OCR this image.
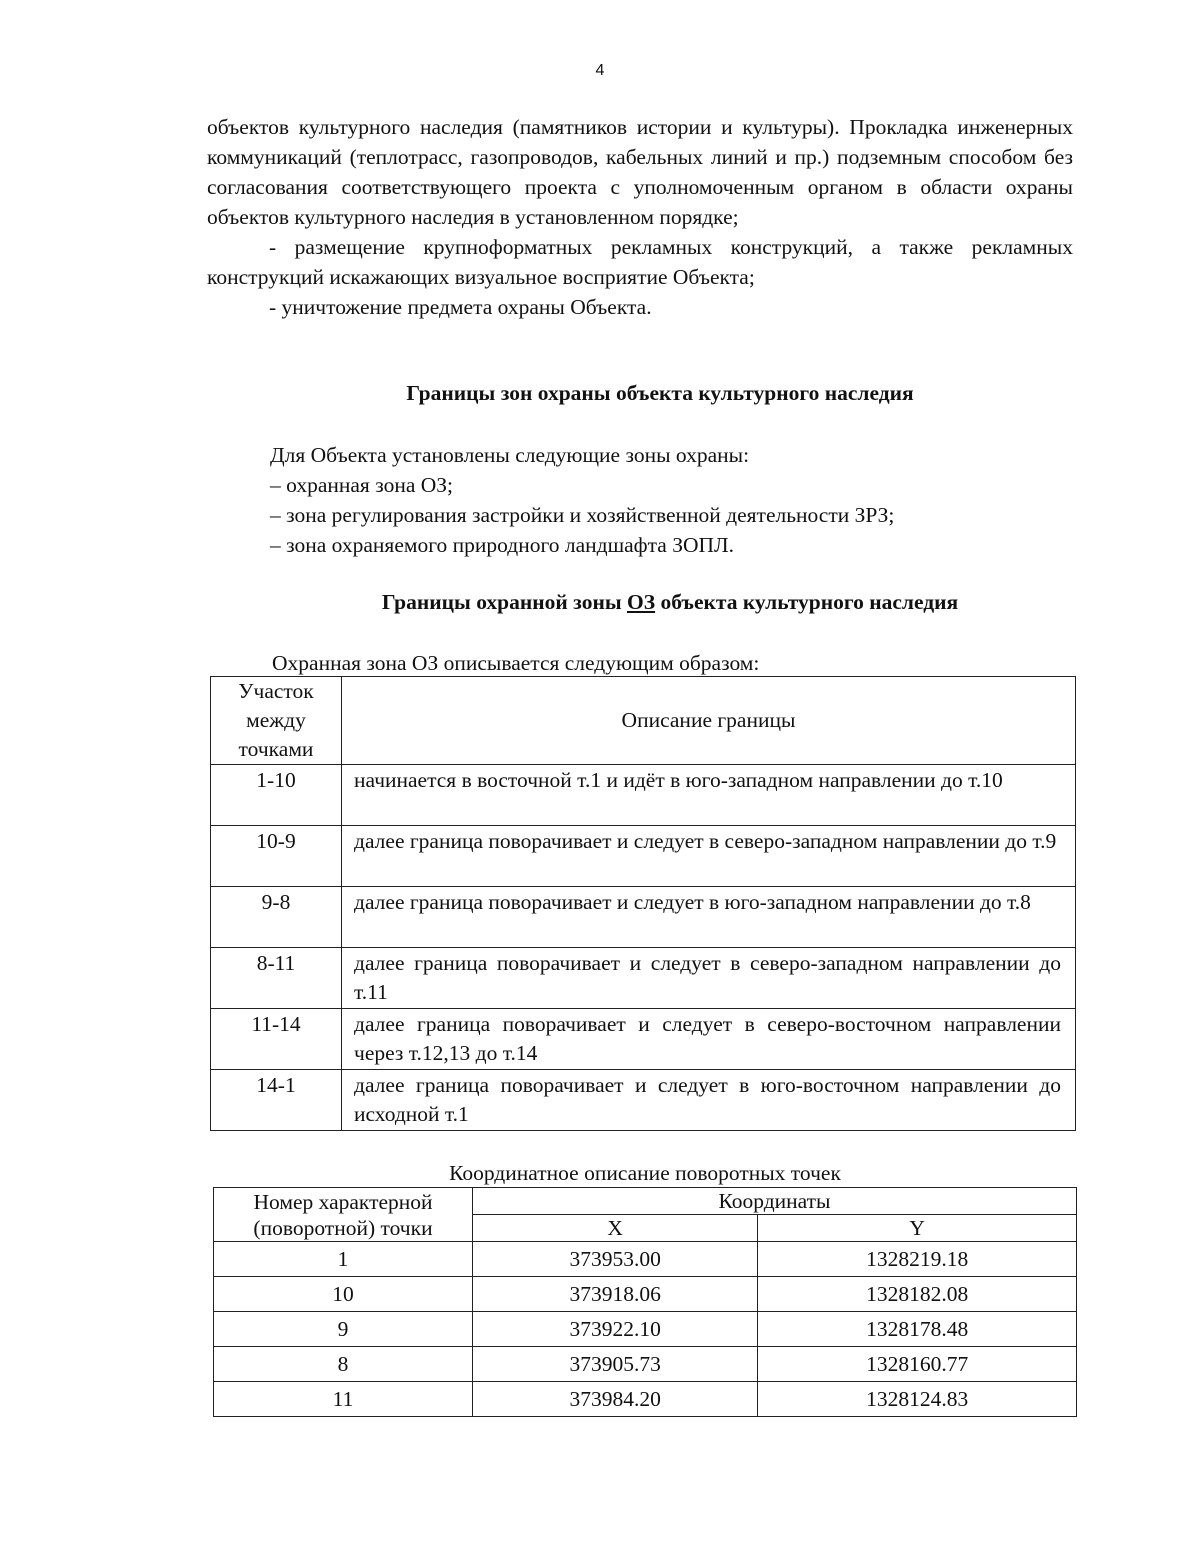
4

объектов культурного наследия (памятников истории и культуры). Прокладка инженерных коммуникаций (теплотрасс, газопроводов, кабельных линий и пр.) подземным способом без согласования соответствующего проекта с уполномоченным органом в области охраны объектов культурного наследия в установленном порядке;

- размещение крупноформатных рекламных конструкций, а также рекламных конструкций искажающих визуальное восприятие Объекта;

- уничтожение предмета охраны Объекта.

Границы зон охраны объекта культурного наследия

Для Объекта установлены следующие зоны охраны:

– охранная зона ОЗ;

– зона регулирования застройки и хозяйственной деятельности ЗРЗ;

– зона охраняемого природного ландшафта ЗОПЛ.

Границы охранной зоны ОЗ объекта культурного наследия
Охранная зона ОЗ описывается следующим образом:
Участок
между
точками	Описание границы
1-10	начинается в восточной т.1 и идёт в юго-западном направлении до т.10
10-9	далее граница поворачивает и следует в северо-западном направлении до т.9
9-8	далее граница поворачивает и следует в юго-западном направлении до т.8
8-11	далее граница поворачивает и следует в северо-западном направлении до т.11
11-14	далее граница поворачивает и следует в северо-восточном направлении через т.12,13 до т.14
14-1	далее граница поворачивает и следует в юго-восточном направлении до исходной т.1
Координатное описание поворотных точек
Номер характерной
(поворотной) точки	Координаты	
	X	Y
1	373953.00	1328219.18
10	373918.06	1328182.08
9	373922.10	1328178.48
8	373905.73	1328160.77
11	373984.20	1328124.83
